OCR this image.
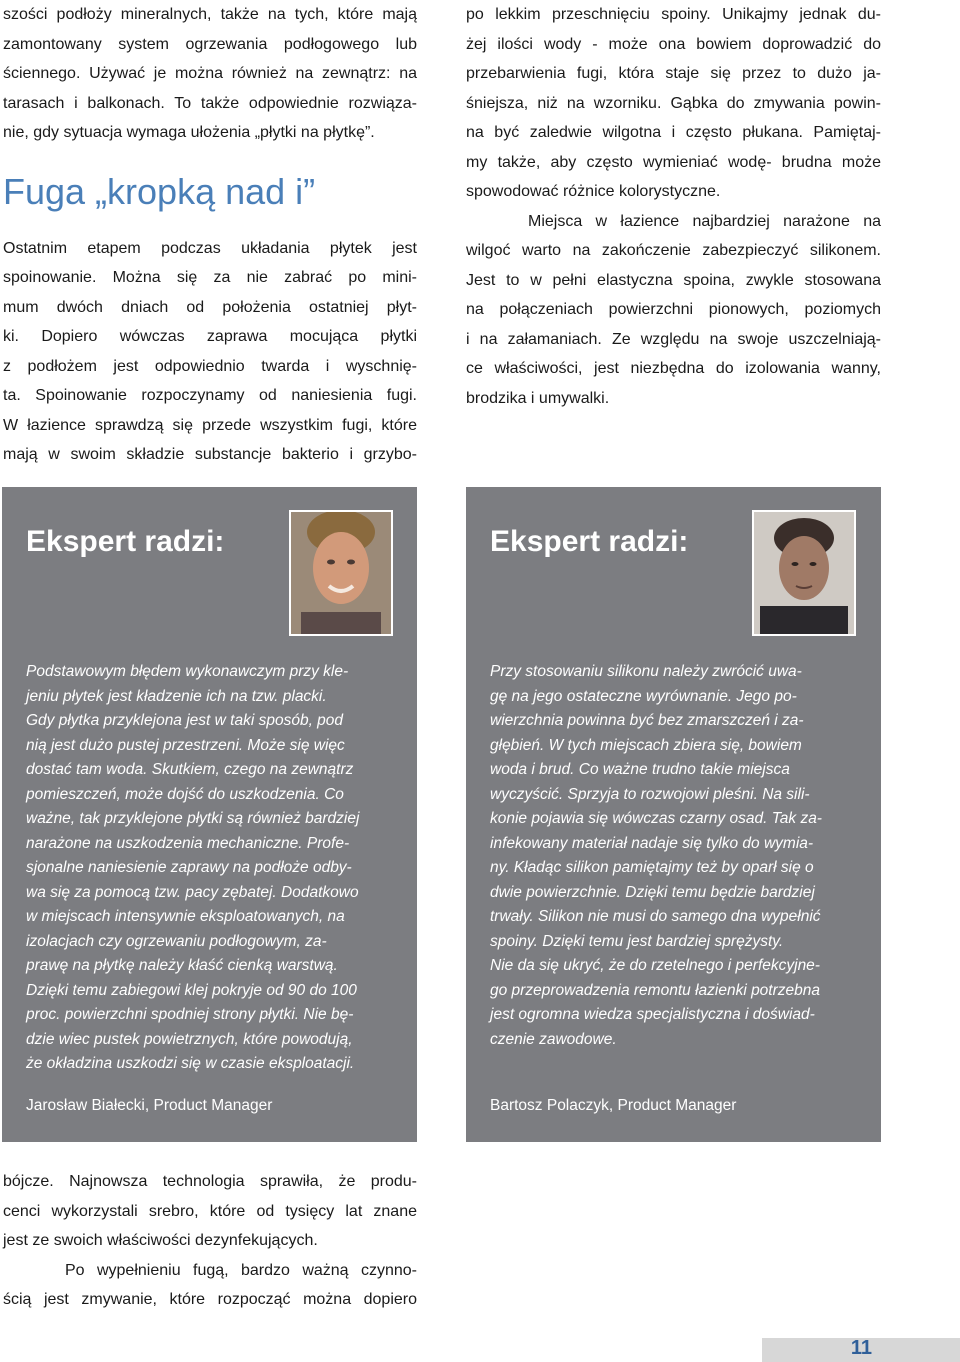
szości podłoży mineralnych, także na tych, które mają

zamontowany system ogrzewania podłogowego lub

ściennego. Używać je można również na zewnątrz: na

tarasach i balkonach. To także odpowiednie rozwiąza-

nie, gdy sytuacja wymaga ułożenia „płytki na płytkę”.

Fuga „kropką nad i”

Ostatnim etapem podczas układania płytek jest

spoinowanie. Można się za nie zabrać po mini-

mum dwóch dniach od położenia ostatniej płyt-

ki. Dopiero wówczas zaprawa mocująca płytki

z podłożem jest odpowiednio twarda i wyschnię-

ta. Spoinowanie rozpoczynamy od naniesienia fugi.

W łazience sprawdzą się przede wszystkim fugi, które

mają w swoim składzie substancje bakterio i grzybo-

po lekkim przeschnięciu spoiny. Unikajmy jednak du-

żej ilości wody - może ona bowiem doprowadzić do

przebarwienia fugi, która staje się przez to dużo ja-

śniejsza, niż na wzorniku. Gąbka do zmywania powin-

na być zaledwie wilgotna i często płukana. Pamiętaj-

my także, aby często wymieniać wodę- brudna może

spowodować różnice kolorystyczne.

Miejsca w łazience najbardziej narażone na

wilgoć warto na zakończenie zabezpieczyć silikonem.

Jest to w pełni elastyczna spoina, zwykle stosowana

na połączeniach powierzchni pionowych, poziomych

i na załamaniach. Ze względu na swoje uszczelniają-

ce właściwości, jest niezbędna do izolowania wanny,

brodzika i umywalki.

Ekspert radzi:

Podstawowym błędem wykonawczym przy kle-

jeniu płytek jest kładzenie ich na tzw. placki.

Gdy płytka przyklejona jest w taki sposób, pod

nią jest dużo pustej przestrzeni. Może się więc

dostać tam woda. Skutkiem, czego na zewnątrz

pomieszczeń, może dojść do uszkodzenia. Co

ważne, tak przyklejone płytki są również bardziej

narażone na uszkodzenia mechaniczne. Profe-

sjonalne naniesienie zaprawy na podłoże odby-

wa się za pomocą tzw. pacy zębatej. Dodatkowo

w miejscach intensywnie eksploatowanych, na

izolacjach czy ogrzewaniu podłogowym, za-

prawę na płytkę należy kłaść cienką warstwą.

Dzięki temu zabiegowi klej pokryje od 90 do 100

proc. powierzchni spodniej strony płytki. Nie bę-

dzie wiec pustek powietrznych, które powodują,

że okładzina uszkodzi się w czasie eksploatacji.

Jarosław Białecki, Product Manager
Ekspert radzi:

Przy stosowaniu silikonu należy zwrócić uwa-

gę na jego ostateczne wyrównanie. Jego po-

wierzchnia powinna być bez zmarszczeń i za-

głębień. W tych miejscach zbiera się, bowiem

woda i brud. Co ważne trudno takie miejsca

wyczyścić. Sprzyja to rozwojowi pleśni. Na sili-

konie pojawia się wówczas czarny osad. Tak za-

infekowany materiał nadaje się tylko do wymia-

ny. Kładąc silikon pamiętajmy też by oparł się o

dwie powierzchnie. Dzięki temu będzie bardziej

trwały. Silikon nie musi do samego dna wypełnić

spoiny. Dzięki temu jest bardziej sprężysty.

Nie da się ukryć, że do rzetelnego i perfekcyjne-

go przeprowadzenia remontu łazienki potrzebna

jest ogromna wiedza specjalistyczna i doświad-

czenie zawodowe.

Bartosz Polaczyk, Product Manager

bójcze. Najnowsza technologia sprawiła, że produ-

cenci wykorzystali srebro, które od tysięcy lat znane

jest ze swoich właściwości dezynfekujących.

Po wypełnieniu fugą, bardzo ważną czynno-

ścią jest zmywanie, które rozpocząć można dopiero

11
